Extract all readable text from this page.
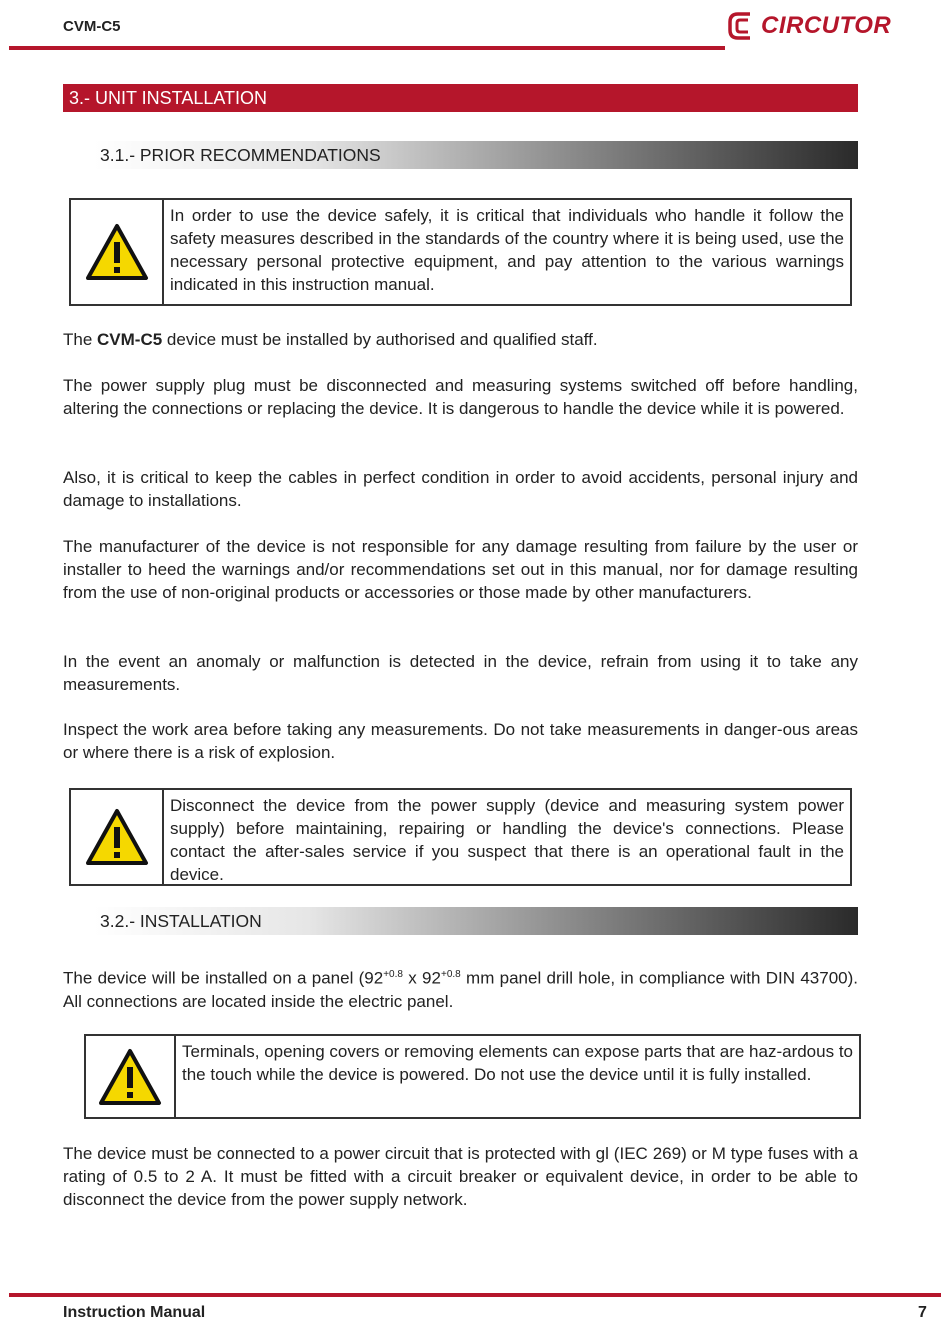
CVM-C5	CIRCUTOR
3.- UNIT INSTALLATION
3.1.- PRIOR RECOMMENDATIONS
In order to use the device safely, it is critical that individuals who handle it follow the safety measures described in the standards of the country where it is being used, use the necessary personal protective equipment, and pay attention to the various warnings indicated in this instruction manual.

The CVM-C5 device must be installed by authorised and qualified staff.

The power supply plug must be disconnected and measuring systems switched off before handling, altering the connections or replacing the device. It is dangerous to handle the device while it is powered.

Also, it is critical to keep the cables in perfect condition in order to avoid accidents, personal injury and damage to installations.

The manufacturer of the device is not responsible for any damage resulting from failure by the user or installer to heed the warnings and/or recommendations set out in this manual, nor for damage resulting from the use of non-original products or accessories or those made by other manufacturers.

In the event an anomaly or malfunction is detected in the device, refrain from using it to take any measurements.

Inspect the work area before taking any measurements. Do not take measurements in danger-ous areas or where there is a risk of explosion.

Disconnect the device from the power supply (device and measuring system power supply) before maintaining, repairing or handling the device's connections. Please contact the after-sales service if you suspect that there is an operational fault in the device.
3.2.- INSTALLATION

The device will be installed on a panel ($92^{+0.8}$ x $92^{+0.8}$ mm panel drill hole, in compliance with DIN 43700). All connections are located inside the electric panel.

Terminals, opening covers or removing elements can expose parts that are haz-ardous to the touch while the device is powered. Do not use the device until it is fully installed.

The device must be connected to a power circuit that is protected with gl (IEC 269) or M type fuses with a rating of 0.5 to 2 A. It must be fitted with a circuit breaker or equivalent device, in order to be able to disconnect the device from the power supply network.

Instruction Manual	7
